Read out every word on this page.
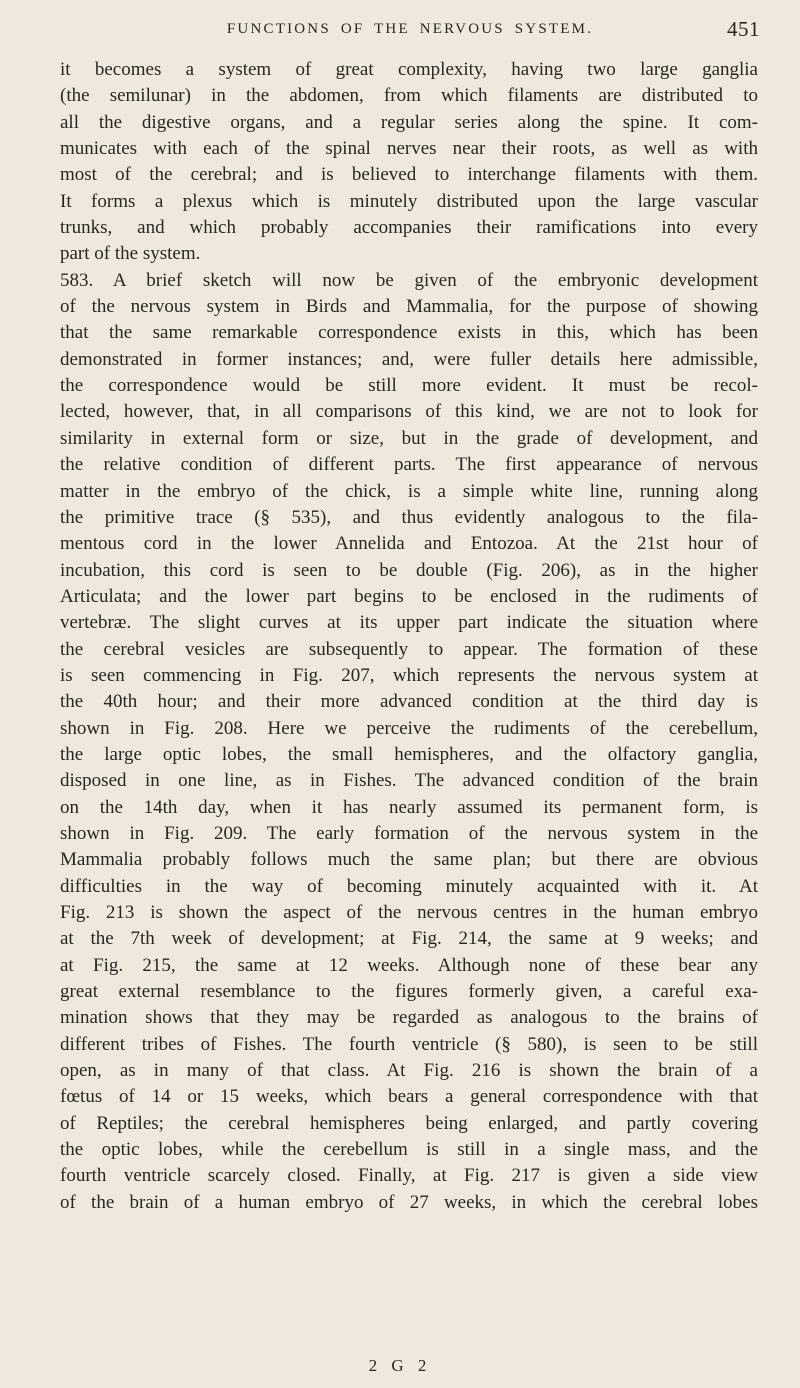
FUNCTIONS OF THE NERVOUS SYSTEM.	451
it becomes a system of great complexity, having two large ganglia
(the semilunar) in the abdomen, from which filaments are distributed to
all the digestive organs, and a regular series along the spine. It com-
municates with each of the spinal nerves near their roots, as well as with
most of the cerebral; and is believed to interchange filaments with them.
It forms a plexus which is minutely distributed upon the large vascular
trunks, and which probably accompanies their ramifications into every
part of the system.
583. A brief sketch will now be given of the embryonic development
of the nervous system in Birds and Mammalia, for the purpose of showing
that the same remarkable correspondence exists in this, which has been
demonstrated in former instances; and, were fuller details here admissible,
the correspondence would be still more evident. It must be recol-
lected, however, that, in all comparisons of this kind, we are not to look for
similarity in external form or size, but in the grade of development, and
the relative condition of different parts. The first appearance of nervous
matter in the embryo of the chick, is a simple white line, running along
the primitive trace (§ 535), and thus evidently analogous to the fila-
mentous cord in the lower Annelida and Entozoa. At the 21st hour of
incubation, this cord is seen to be double (Fig. 206), as in the higher
Articulata; and the lower part begins to be enclosed in the rudiments of
vertebræ. The slight curves at its upper part indicate the situation where
the cerebral vesicles are subsequently to appear. The formation of these
is seen commencing in Fig. 207, which represents the nervous system at
the 40th hour; and their more advanced condition at the third day is
shown in Fig. 208. Here we perceive the rudiments of the cerebellum,
the large optic lobes, the small hemispheres, and the olfactory ganglia,
disposed in one line, as in Fishes. The advanced condition of the brain
on the 14th day, when it has nearly assumed its permanent form, is
shown in Fig. 209. The early formation of the nervous system in the
Mammalia probably follows much the same plan; but there are obvious
difficulties in the way of becoming minutely acquainted with it. At
Fig. 213 is shown the aspect of the nervous centres in the human embryo
at the 7th week of development; at Fig. 214, the same at 9 weeks; and
at Fig. 215, the same at 12 weeks. Although none of these bear any
great external resemblance to the figures formerly given, a careful exa-
mination shows that they may be regarded as analogous to the brains of
different tribes of Fishes. The fourth ventricle (§ 580), is seen to be still
open, as in many of that class. At Fig. 216 is shown the brain of a
fœtus of 14 or 15 weeks, which bears a general correspondence with that
of Reptiles; the cerebral hemispheres being enlarged, and partly covering
the optic lobes, while the cerebellum is still in a single mass, and the
fourth ventricle scarcely closed. Finally, at Fig. 217 is given a side view
of the brain of a human embryo of 27 weeks, in which the cerebral lobes
2 G 2
